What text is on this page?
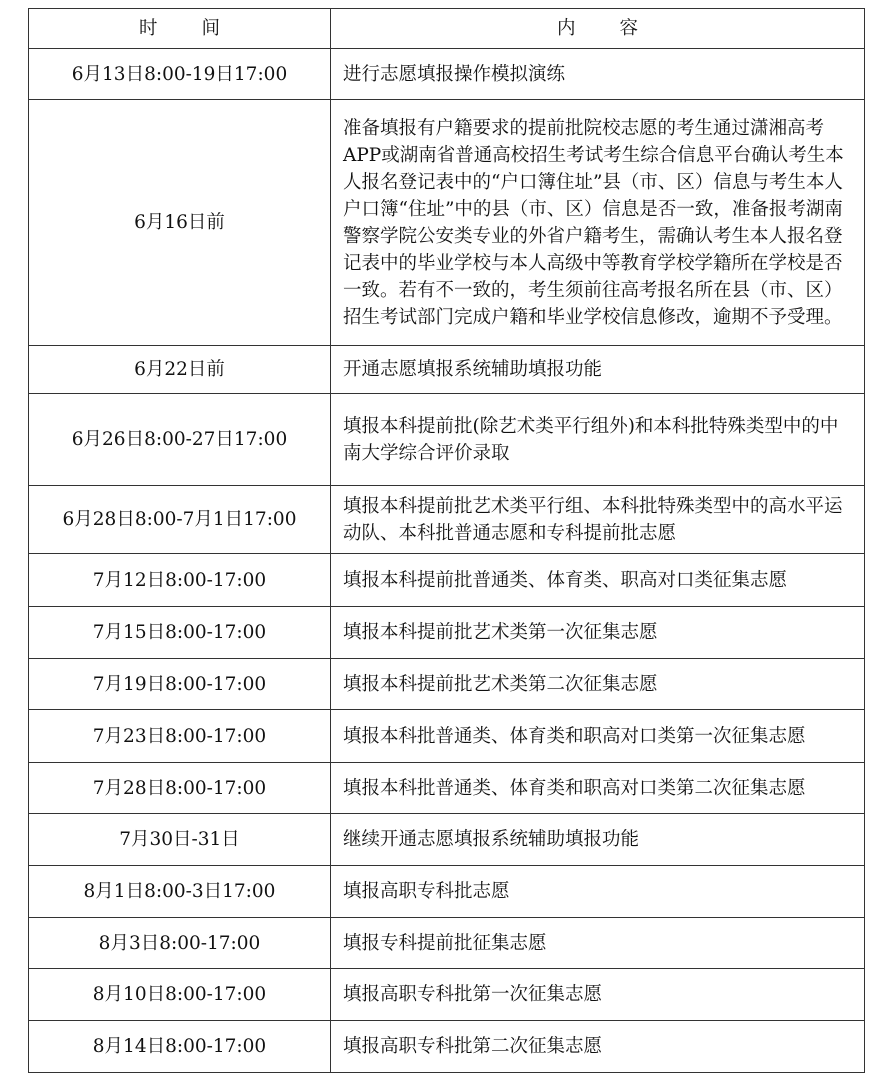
时间	内容
6月13日8:00-19日17:00	进行志愿填报操作模拟演练
6月16日前	准备填报有户籍要求的提前批院校志愿的考生通过潇湘高考APP或湖南省普通高校招生考试考生综合信息平台确认考生本人报名登记表中的“户口簿住址”县（市、区）信息与考生本人户口簿“住址”中的县（市、区）信息是否一致，准备报考湖南警察学院公安类专业的外省户籍考生，需确认考生本人报名登记表中的毕业学校与本人高级中等教育学校学籍所在学校是否一致。若有不一致的，考生须前往高考报名所在县（市、区）招生考试部门完成户籍和毕业学校信息修改，逾期不予受理。
6月22日前	开通志愿填报系统辅助填报功能
6月26日8:00-27日17:00	填报本科提前批(除艺术类平行组外)和本科批特殊类型中的中南大学综合评价录取
6月28日8:00-7月1日17:00	填报本科提前批艺术类平行组、本科批特殊类型中的高水平运动队、本科批普通志愿和专科提前批志愿
7月12日8:00-17:00	填报本科提前批普通类、体育类、职高对口类征集志愿
7月15日8:00-17:00	填报本科提前批艺术类第一次征集志愿
7月19日8:00-17:00	填报本科提前批艺术类第二次征集志愿
7月23日8:00-17:00	填报本科批普通类、体育类和职高对口类第一次征集志愿
7月28日8:00-17:00	填报本科批普通类、体育类和职高对口类第二次征集志愿
7月30日-31日	继续开通志愿填报系统辅助填报功能
8月1日8:00-3日17:00	填报高职专科批志愿
8月3日8:00-17:00	填报专科提前批征集志愿
8月10日8:00-17:00	填报高职专科批第一次征集志愿
8月14日8:00-17:00	填报高职专科批第二次征集志愿
